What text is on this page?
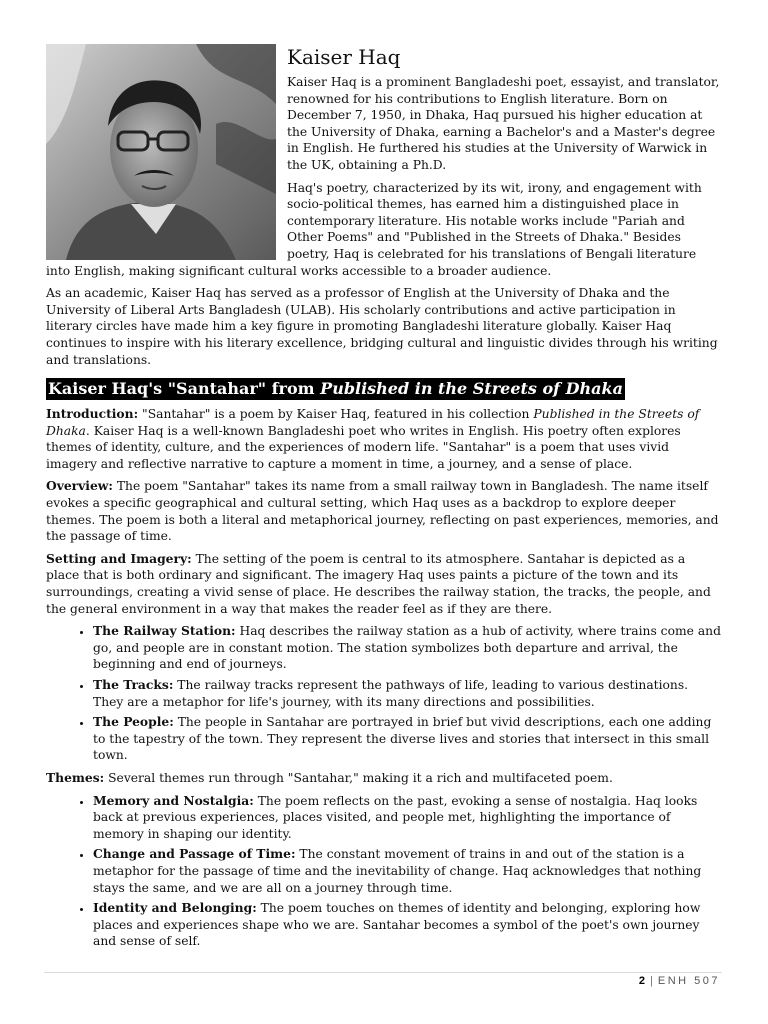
Kaiser Haq

Kaiser Haq is a prominent Bangladeshi poet, essayist, and translator, renowned for his contributions to English literature. Born on December 7, 1950, in Dhaka, Haq pursued his higher education at the University of Dhaka, earning a Bachelor's and a Master's degree in English. He furthered his studies at the University of Warwick in the UK, obtaining a Ph.D.

Haq's poetry, characterized by its wit, irony, and engagement with socio-political themes, has earned him a distinguished place in contemporary literature. His notable works include "Pariah and Other Poems" and "Published in the Streets of Dhaka." Besides poetry, Haq is celebrated for his translations of Bengali literature into English, making significant cultural works accessible to a broader audience.

As an academic, Kaiser Haq has served as a professor of English at the University of Dhaka and the University of Liberal Arts Bangladesh (ULAB). His scholarly contributions and active participation in literary circles have made him a key figure in promoting Bangladeshi literature globally. Kaiser Haq continues to inspire with his literary excellence, bridging cultural and linguistic divides through his writing and translations.

Kaiser Haq's "Santahar" from Published in the Streets of Dhaka

Introduction: "Santahar" is a poem by Kaiser Haq, featured in his collection Published in the Streets of Dhaka. Kaiser Haq is a well-known Bangladeshi poet who writes in English. His poetry often explores themes of identity, culture, and the experiences of modern life. "Santahar" is a poem that uses vivid imagery and reflective narrative to capture a moment in time, a journey, and a sense of place.

Overview: The poem "Santahar" takes its name from a small railway town in Bangladesh. The name itself evokes a specific geographical and cultural setting, which Haq uses as a backdrop to explore deeper themes. The poem is both a literal and metaphorical journey, reflecting on past experiences, memories, and the passage of time.

Setting and Imagery: The setting of the poem is central to its atmosphere. Santahar is depicted as a place that is both ordinary and significant. The imagery Haq uses paints a picture of the town and its surroundings, creating a vivid sense of place. He describes the railway station, the tracks, the people, and the general environment in a way that makes the reader feel as if they are there.

• The Railway Station: Haq describes the railway station as a hub of activity, where trains come and go, and people are in constant motion. The station symbolizes both departure and arrival, the beginning and end of journeys.
• The Tracks: The railway tracks represent the pathways of life, leading to various destinations. They are a metaphor for life's journey, with its many directions and possibilities.
• The People: The people in Santahar are portrayed in brief but vivid descriptions, each one adding to the tapestry of the town. They represent the diverse lives and stories that intersect in this small town.

Themes: Several themes run through "Santahar," making it a rich and multifaceted poem.

• Memory and Nostalgia: The poem reflects on the past, evoking a sense of nostalgia. Haq looks back at previous experiences, places visited, and people met, highlighting the importance of memory in shaping our identity.
• Change and Passage of Time: The constant movement of trains in and out of the station is a metaphor for the passage of time and the inevitability of change. Haq acknowledges that nothing stays the same, and we are all on a journey through time.
• Identity and Belonging: The poem touches on themes of identity and belonging, exploring how places and experiences shape who we are. Santahar becomes a symbol of the poet's own journey and sense of self.
2 | ENH 507
